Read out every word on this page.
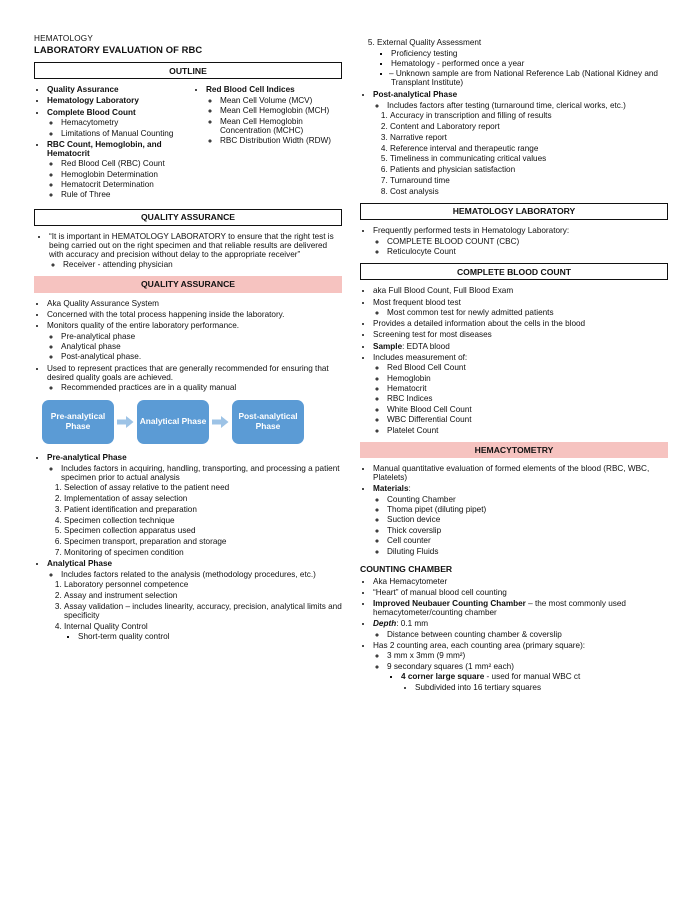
HEMATOLOGY
LABORATORY EVALUATION OF RBC
OUTLINE
• Quality Assurance
• Hematology Laboratory
• Complete Blood Count
◦ Hemacytometry
◦ Limitations of Manual Counting
• RBC Count, Hemoglobin, and Hematocrit
◦ Red Blood Cell (RBC) Count
◦ Hemoglobin Determination
◦ Hematocrit Determination
◦ Rule of Three
• Red Blood Cell Indices
◦ Mean Cell Volume (MCV)
◦ Mean Cell Hemoglobin (MCH)
◦ Mean Cell Hemoglobin Concentration (MCHC)
◦ RBC Distribution Width (RDW)
QUALITY ASSURANCE
• “It is important in HEMATOLOGY LABORATORY to ensure that the right test is being carried out on the right specimen and that reliable results are delivered with accuracy and precision without delay to the appropriate receiver”
◦ Receiver - attending physician
QUALITY ASSURANCE
• Aka Quality Assurance System
• Concerned with the total process happening inside the laboratory.
• Monitors quality of the entire laboratory performance.
◦ Pre-analytical phase
◦ Analytical phase
◦ Post-analytical phase.
• Used to represent practices that are generally recommended for ensuring that desired quality goals are achieved.
◦ Recommended practices are in a quality manual
Pre-analytical Phase	Analytical Phase	Post-analytical Phase
• Pre-analytical Phase
◦ Includes factors in acquiring, handling, transporting, and processing a patient specimen prior to actual analysis
1. Selection of assay relative to the patient need
2. Implementation of assay selection
3. Patient identification and preparation
4. Specimen collection technique
5. Specimen collection apparatus used
6. Specimen transport, preparation and storage
7. Monitoring of specimen condition
• Analytical Phase
◦ Includes factors related to the analysis (methodology procedures, etc.)
1. Laboratory personnel competence
2. Assay and instrument selection
3. Assay validation – includes linearity, accuracy, precision, analytical limits and specificity
4. Internal Quality Control
▪ Short-term quality control
5. External Quality Assessment
▪ Proficiency testing
▪ Hematology - performed once a year
▪ – Unknown sample are from National Reference Lab (National Kidney and Transplant Institute)
• Post-analytical Phase
◦ Includes factors after testing (turnaround time, clerical works, etc.)
1. Accuracy in transcription and filling of results
2. Content and Laboratory report
3. Narrative report
4. Reference interval and therapeutic range
5. Timeliness in communicating critical values
6. Patients and physician satisfaction
7. Turnaround time
8. Cost analysis
HEMATOLOGY LABORATORY
• Frequently performed tests in Hematology Laboratory:
◦ COMPLETE BLOOD COUNT (CBC)
◦ Reticulocyte Count
COMPLETE BLOOD COUNT
• aka Full Blood Count, Full Blood Exam
• Most frequent blood test
◦ Most common test for newly admitted patients
• Provides a detailed information about the cells in the blood
• Screening test for most diseases
• Sample: EDTA blood
• Includes measurement of:
◦ Red Blood Cell Count
◦ Hemoglobin
◦ Hematocrit
◦ RBC Indices
◦ White Blood Cell Count
◦ WBC Differential Count
◦ Platelet Count
HEMACYTOMETRY
• Manual quantitative evaluation of formed elements of the blood (RBC, WBC, Platelets)
• Materials:
◦ Counting Chamber
◦ Thoma pipet (diluting pipet)
◦ Suction device
◦ Thick coverslip
◦ Cell counter
◦ Diluting Fluids
COUNTING CHAMBER
• Aka Hemacytometer
• “Heart” of manual blood cell counting
• Improved Neubauer Counting Chamber – the most commonly used hemacytometer/counting chamber
• Depth: 0.1 mm
◦ Distance between counting chamber & coverslip
• Has 2 counting area, each counting area (primary square):
◦ 3 mm x 3mm (9 mm²)
◦ 9 secondary squares (1 mm² each)
▪ 4 corner large square - used for manual WBC ct
• Subdivided into 16 tertiary squares
